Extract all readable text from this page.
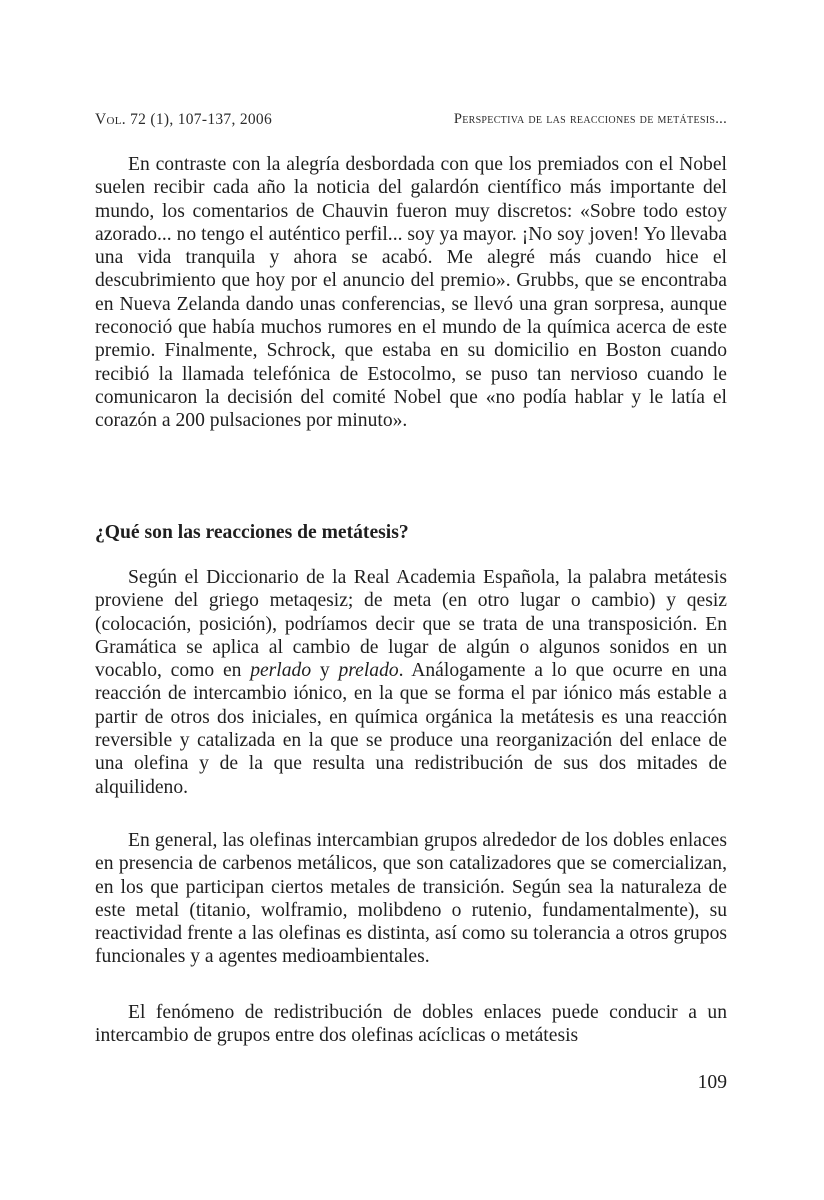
Vol. 72 (1), 107-137, 2006	Perspectiva de las reacciones de metátesis...

En contraste con la alegría desbordada con que los premiados con el Nobel suelen recibir cada año la noticia del galardón científico más importante del mundo, los comentarios de Chauvin fueron muy discretos: «Sobre todo estoy azorado... no tengo el auténtico perfil... soy ya mayor. ¡No soy joven! Yo llevaba una vida tranquila y ahora se acabó. Me alegré más cuando hice el descubrimiento que hoy por el anuncio del premio». Grubbs, que se encontraba en Nueva Zelanda dando unas conferencias, se llevó una gran sorpresa, aunque reconoció que había muchos rumores en el mundo de la química acerca de este premio. Finalmente, Schrock, que estaba en su domicilio en Boston cuando recibió la llamada telefónica de Estocolmo, se puso tan nervioso cuando le comunicaron la decisión del comité Nobel que «no podía hablar y le latía el corazón a 200 pulsaciones por minuto».

¿Qué son las reacciones de metátesis?

Según el Diccionario de la Real Academia Española, la palabra metátesis proviene del griego metaqesiz; de meta (en otro lugar o cambio) y qesiz (colocación, posición), podríamos decir que se trata de una transposición. En Gramática se aplica al cambio de lugar de algún o algunos sonidos en un vocablo, como en perlado y prelado. Análogamente a lo que ocurre en una reacción de intercambio iónico, en la que se forma el par iónico más estable a partir de otros dos iniciales, en química orgánica la metátesis es una reacción reversible y catalizada en la que se produce una reorganización del enlace de una olefina y de la que resulta una redistribución de sus dos mitades de alquilideno.

En general, las olefinas intercambian grupos alrededor de los dobles enlaces en presencia de carbenos metálicos, que son catalizadores que se comercializan, en los que participan ciertos metales de transición. Según sea la naturaleza de este metal (titanio, wolframio, molibdeno o rutenio, fundamentalmente), su reactividad frente a las olefinas es distinta, así como su tolerancia a otros grupos funcionales y a agentes medioambientales.

El fenómeno de redistribución de dobles enlaces puede conducir a un intercambio de grupos entre dos olefinas acíclicas o metátesis

109
